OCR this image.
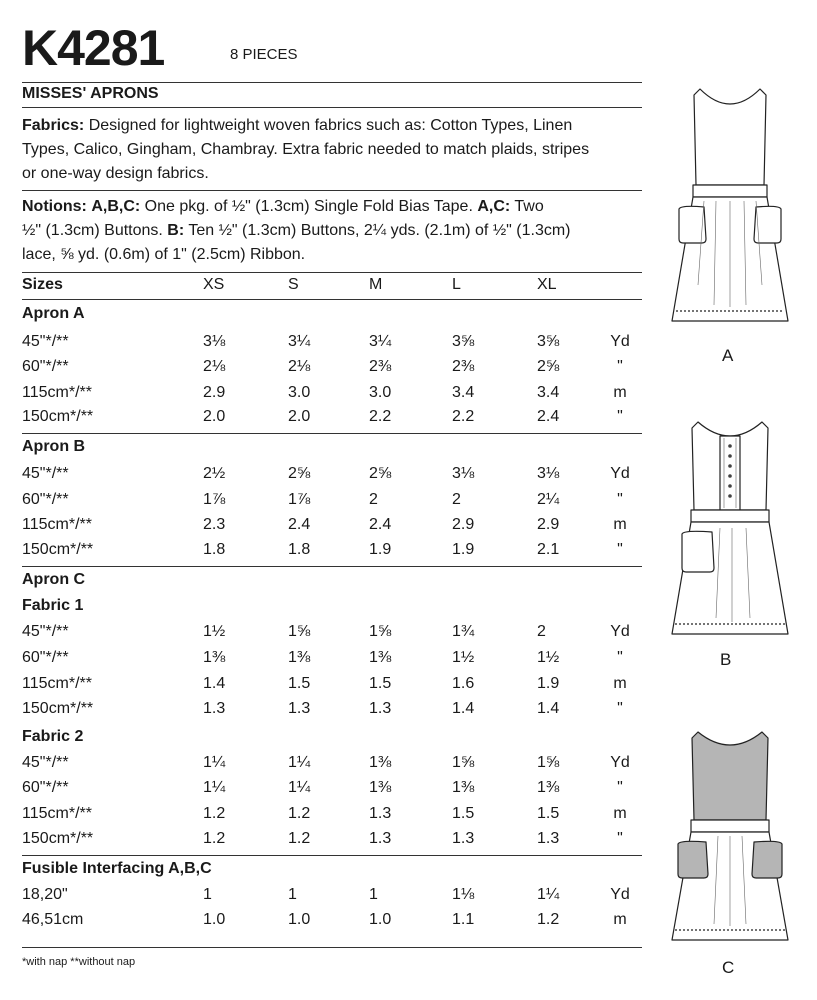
K4281	8 PIECES
MISSES' APRONS
Fabrics: Designed for lightweight woven fabrics such as: Cotton Types, Linen
Types, Calico, Gingham, Chambray. Extra fabric needed to match plaids, stripes
or one-way design fabrics.
Notions: A,B,C: One pkg. of ½" (1.3cm) Single Fold Bias Tape. A,C: Two
½" (1.3cm) Buttons. B: Ten ½" (1.3cm) Buttons, 2¼ yds. (2.1m) of ½" (1.3cm)
lace, ⅝ yd. (0.6m) of 1" (2.5cm) Ribbon.
Sizes	XS	S	M	L	XL
Apron A
45"*/**	3⅛	3¼	3¼	3⅝	3⅝	Yd
60"*/**	2⅛	2⅛	2⅜	2⅜	2⅝	"
115cm*/**	2.9	3.0	3.0	3.4	3.4	m
150cm*/**	2.0	2.0	2.2	2.2	2.4	"
Apron B
45"*/**	2½	2⅝	2⅝	3⅛	3⅛	Yd
60"*/**	1⅞	1⅞	2	2	2¼	"
115cm*/**	2.3	2.4	2.4	2.9	2.9	m
150cm*/**	1.8	1.8	1.9	1.9	2.1	"
Apron C
Fabric 1
45"*/**	1½	1⅝	1⅝	1¾	2	Yd
60"*/**	1⅜	1⅜	1⅜	1½	1½	"
115cm*/**	1.4	1.5	1.5	1.6	1.9	m
150cm*/**	1.3	1.3	1.3	1.4	1.4	"
Fabric 2
45"*/**	1¼	1¼	1⅜	1⅝	1⅝	Yd
60"*/**	1¼	1¼	1⅜	1⅜	1⅜	"
115cm*/**	1.2	1.2	1.3	1.5	1.5	m
150cm*/**	1.2	1.2	1.3	1.3	1.3	"
Fusible Interfacing A,B,C
18,20"	1	1	1	1⅛	1¼	Yd
46,51cm	1.0	1.0	1.0	1.1	1.2	m
*with nap **without nap
A
B
C
